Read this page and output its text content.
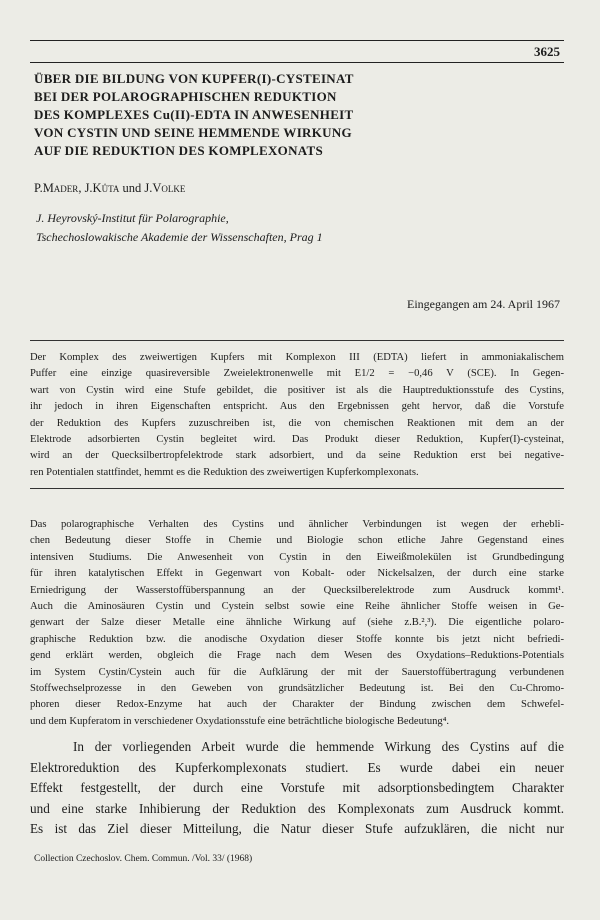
3625
ÜBER DIE BILDUNG VON KUPFER(I)-CYSTEINAT
BEI DER POLAROGRAPHISCHEN REDUKTION
DES KOMPLEXES Cu(II)-EDTA IN ANWESENHEIT
VON CYSTIN UND SEINE HEMMENDE WIRKUNG
AUF DIE REDUKTION DES KOMPLEXONATS
P.Mader, J.Kůta und J.Volke
J. Heyrovský-Institut für Polarographie,
Tschechoslowakische Akademie der Wissenschaften, Prag 1
Eingegangen am 24. April 1967
Der Komplex des zweiwertigen Kupfers mit Komplexon III (EDTA) liefert in ammoniakalischem
Puffer eine einzige quasireversible Zweielektronenwelle mit E1/2 = −0,46 V (SCE). In Gegen-
wart von Cystin wird eine Stufe gebildet, die positiver ist als die Hauptreduktionsstufe des Cystins,
ihr jedoch in ihren Eigenschaften entspricht. Aus den Ergebnissen geht hervor, daß die Vorstufe
der Reduktion des Kupfers zuzuschreiben ist, die von chemischen Reaktionen mit dem an der
Elektrode adsorbierten Cystin begleitet wird. Das Produkt dieser Reduktion, Kupfer(I)-cysteinat,
wird an der Quecksilbertropfelektrode stark adsorbiert, und da seine Reduktion erst bei negative-
ren Potentialen stattfindet, hemmt es die Reduktion des zweiwertigen Kupferkomplexonats.
Das polarographische Verhalten des Cystins und ähnlicher Verbindungen ist wegen der erhebli-
chen Bedeutung dieser Stoffe in Chemie und Biologie schon etliche Jahre Gegenstand eines
intensiven Studiums. Die Anwesenheit von Cystin in den Eiweißmolekülen ist Grundbedingung
für ihren katalytischen Effekt in Gegenwart von Kobalt- oder Nickelsalzen, der durch eine starke
Erniedrigung der Wasserstoffüberspannung an der Quecksilberelektrode zum Ausdruck kommt¹.
Auch die Aminosäuren Cystin und Cystein selbst sowie eine Reihe ähnlicher Stoffe weisen in Ge-
genwart der Salze dieser Metalle eine ähnliche Wirkung auf (siehe z.B.²,³). Die eigentliche polaro-
graphische Reduktion bzw. die anodische Oxydation dieser Stoffe konnte bis jetzt nicht befriedi-
gend erklärt werden, obgleich die Frage nach dem Wesen des Oxydations–Reduktions-Potentials
im System Cystin/Cystein auch für die Aufklärung der mit der Sauerstoffübertragung verbundenen
Stoffwechselprozesse in den Geweben von grundsätzlicher Bedeutung ist. Bei den Cu-Chromo-
phoren dieser Redox-Enzyme hat auch der Charakter der Bindung zwischen dem Schwefel-
und dem Kupferatom in verschiedener Oxydationsstufe eine beträchtliche biologische Bedeutung⁴.
In der vorliegenden Arbeit wurde die hemmende Wirkung des Cystins auf die
Elektroreduktion des Kupferkomplexonats studiert. Es wurde dabei ein neuer
Effekt festgestellt, der durch eine Vorstufe mit adsorptionsbedingtem Charakter
und eine starke Inhibierung der Reduktion des Komplexonats zum Ausdruck kommt.
Es ist das Ziel dieser Mitteilung, die Natur dieser Stufe aufzuklären, die nicht nur
Collection Czechoslov. Chem. Commun. /Vol. 33/ (1968)
